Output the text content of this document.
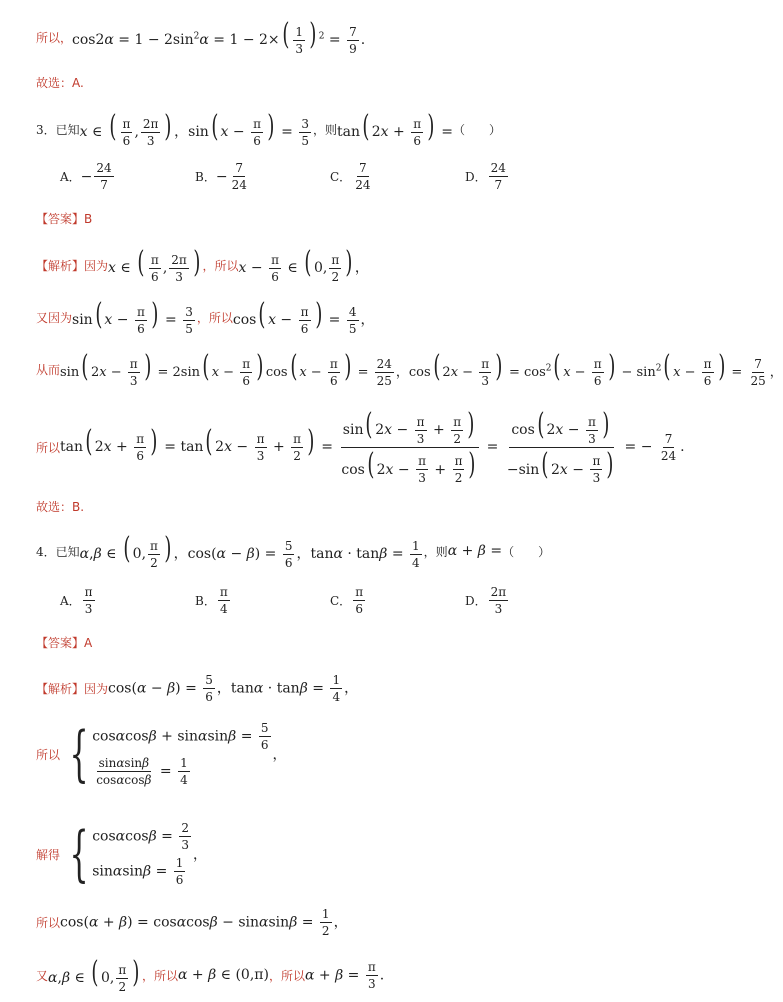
所以， $\cos 2\alpha = 1 - 2\sin^2\alpha = 1 - 2\times( \frac{1}{3}$ ) $^2 = \frac{7}{9}$ .
故选：A.
3． 已知 x ∈ ( $\frac{\pi}{6}$ , $\frac{2\pi}{3}$ ) ，sin( $x - \frac{\pi}{6}$ ) = $\frac{3}{5}$ ，则 tan( $2x + \frac{\pi}{6}$ ) = （　　）
A． − $\frac{24}{7}$	B． − $\frac{7}{24}$	C． $\frac{7}{24}$	D． $\frac{24}{7}$
【答案】 B
【解析】 因为 x ∈ ( $\frac{\pi}{6}$ , $\frac{2\pi}{3}$ ) ，所以 $x - \frac{\pi}{6}$ ∈ ( 0, $\frac{\pi}{2}$ ) ，
又因为 sin( $x - \frac{\pi}{6}$ ) = $\frac{3}{5}$ ，所以 cos( $x - \frac{\pi}{6}$ ) = $\frac{4}{5}$ ，
从而 sin( $2x - \frac{\pi}{3}$ ) = 2sin( $x - \frac{\pi}{6}$ ) cos( $x - \frac{\pi}{6}$ ) = $\frac{24}{25}$ ，cos( $2x - \frac{\pi}{3}$ ) = $\cos^2$( $x - \frac{\pi}{6}$ ) − $\sin^2$( $x - \frac{\pi}{6}$ ) = $\frac{7}{25}$ ，
所以 tan( $2x + \frac{\pi}{6}$ ) = tan( $2x - \frac{\pi}{3} + \frac{\pi}{2}$ ) = $\frac{\sin( 2x - \frac{\pi}{3} + \frac{\pi}{2} )}{\cos( 2x - \frac{\pi}{3} + \frac{\pi}{2} )} = \frac{\cos( 2x - \frac{\pi}{3} )}{-\sin( 2x - \frac{\pi}{3} )}$ = − $\frac{7}{24}$ .
故选：B.
4． 已知 α,β ∈ ( 0, $\frac{\pi}{2}$ ) ，$\cos(\alpha - \beta) = \frac{5}{6}$ ，$\tan\alpha \cdot \tan\beta = \frac{1}{4}$ ，则 α + β = （　　）
A． $\frac{\pi}{3}$	B． $\frac{\pi}{4}$	C． $\frac{\pi}{6}$	D． $\frac{2\pi}{3}$
【答案】 A
【解析】 因为 $\cos(\alpha - \beta) = \frac{5}{6}$ ，$\tan\alpha \cdot \tan\beta = \frac{1}{4}$ ，
所以 { $\cos\alpha\cos\beta + \sin\alpha\sin\beta = \frac{5}{6}$
$\frac{\sin\alpha\sin\beta}{\cos\alpha\cos\beta} = \frac{1}{4}$
，
解得 { $\cos\alpha\cos\beta = \frac{2}{3}$
$\sin\alpha\sin\beta = \frac{1}{6}$
，
所以 $\cos(\alpha + \beta) = \cos\alpha\cos\beta - \sin\alpha\sin\beta = \frac{1}{2}$ ，
又 α,β ∈ ( 0, $\frac{\pi}{2}$ ) ，所以 α + β ∈ (0,π) ，所以 $\alpha + \beta = \frac{\pi}{3}$ .
